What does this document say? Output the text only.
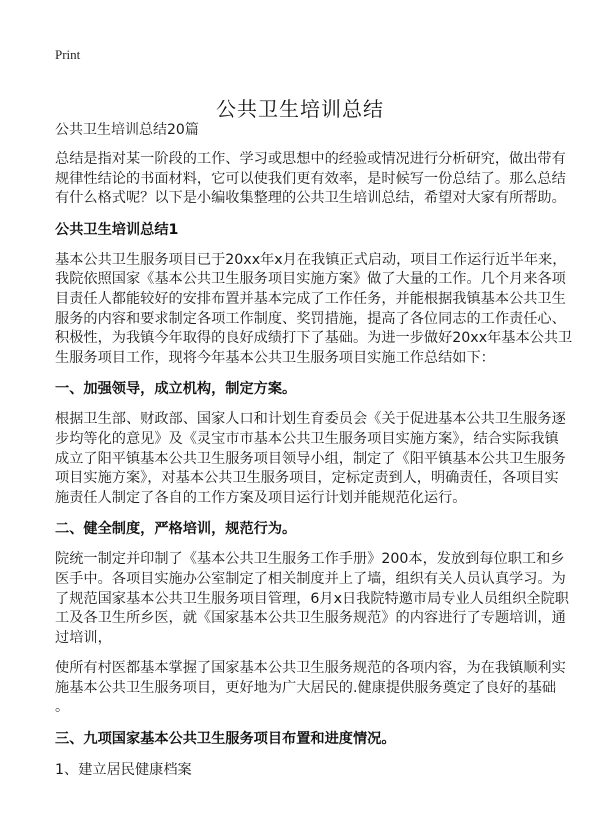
Print
公共卫生培训总结

公共卫生培训总结20篇

总结是指对某一阶段的工作、学习或思想中的经验或情况进行分析研究，做出带有
规律性结论的书面材料，它可以使我们更有效率，是时候写一份总结了。那么总结
有什么格式呢？以下是小编收集整理的公共卫生培训总结，希望对大家有所帮助。

公共卫生培训总结1

基本公共卫生服务项目已于20xx年x月在我镇正式启动，项目工作运行近半年来，
我院依照国家《基本公共卫生服务项目实施方案》做了大量的工作。几个月来各项
目责任人都能较好的安排布置并基本完成了工作任务，并能根据我镇基本公共卫生
服务的内容和要求制定各项工作制度、奖罚措施，提高了各位同志的工作责任心、
积极性，为我镇今年取得的良好成绩打下了基础。为进一步做好20xx年基本公共卫
生服务项目工作，现将今年基本公共卫生服务项目实施工作总结如下：

一、加强领导，成立机构，制定方案。

根据卫生部、财政部、国家人口和计划生育委员会《关于促进基本公共卫生服务逐
步均等化的意见》及《灵宝市市基本公共卫生服务项目实施方案》，结合实际我镇
成立了阳平镇基本公共卫生服务项目领导小组，制定了《阳平镇基本公共卫生服务
项目实施方案》，对基本公共卫生服务项目，定标定责到人，明确责任，各项目实
施责任人制定了各自的工作方案及项目运行计划并能规范化运行。

二、健全制度，严格培训，规范行为。

院统一制定并印制了《基本公共卫生服务工作手册》200本，发放到每位职工和乡
医手中。各项目实施办公室制定了相关制度并上了墙，组织有关人员认真学习。为
了规范国家基本公共卫生服务项目管理，6月x日我院特邀市局专业人员组织全院职
工及各卫生所乡医，就《国家基本公共卫生服务规范》的内容进行了专题培训，通
过培训，

使所有村医都基本掌握了国家基本公共卫生服务规范的各项内容，为在我镇顺利实
施基本公共卫生服务项目，更好地为广大居民的.健康提供服务奠定了良好的基础
。

三、九项国家基本公共卫生服务项目布置和进度情况。

1、建立居民健康档案
